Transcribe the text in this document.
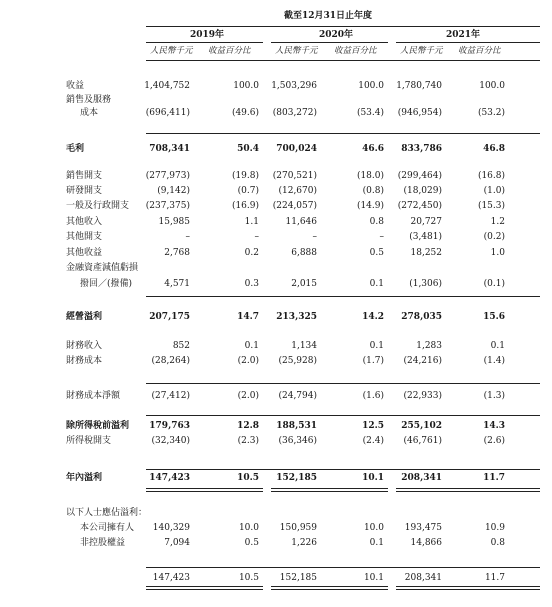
截至12月31日止年度
2019年	2020年	2021年
人民幣千元 收益百分比	人民幣千元 收益百分比	人民幣千元 收益百分比
收益	1,404,752	100.0 1,503,296	100.0 1,780,740	100.0
銷售及服務
成本	(696,411)	(49.6) (803,272)	(53.4) (946,954)	(53.2)
毛利	708,341	50.4 700,024	46.6 833,786	46.8
銷售開支	(277,973)	(19.8) (270,521)	(18.0) (299,464)	(16.8)
研發開支	(9,142)	(0.7) (12,670)	(0.8) (18,029)	(1.0)
一般及行政開支 (237,375)	(16.9) (224,057)	(14.9) (272,450)	(15.3)
其他收入	15,985	1.1	11,646	0.8	20,727	1.2
其他開支	–	–	–	–	(3,481)	(0.2)
其他收益	2,768	0.2	6,888	0.5	18,252	1.0
金融資產減值虧損
撥回／(撥備)	4,571	0.3	2,015	0.1	(1,306)	(0.1)
經營溢利	207,175	14.7 213,325	14.2 278,035	15.6
財務收入	852	0.1	1,134	0.1	1,283	0.1
財務成本	(28,264)	(2.0) (25,928)	(1.7) (24,216)	(1.4)
財務成本淨額	(27,412)	(2.0) (24,794)	(1.6) (22,933)	(1.3)
除所得稅前溢利 179,763	12.8 188,531	12.5 255,102	14.3
所得稅開支	(32,340)	(2.3) (36,346)	(2.4) (46,761)	(2.6)
年內溢利	147,423	10.5 152,185	10.1 208,341	11.7
以下人士應佔溢利：
本公司擁有人 140,329	10.0 150,959	10.0 193,475	10.9
非控股權益	7,094	0.5	1,226	0.1	14,866	0.8
147,423	10.5 152,185	10.1 208,341	11.7
